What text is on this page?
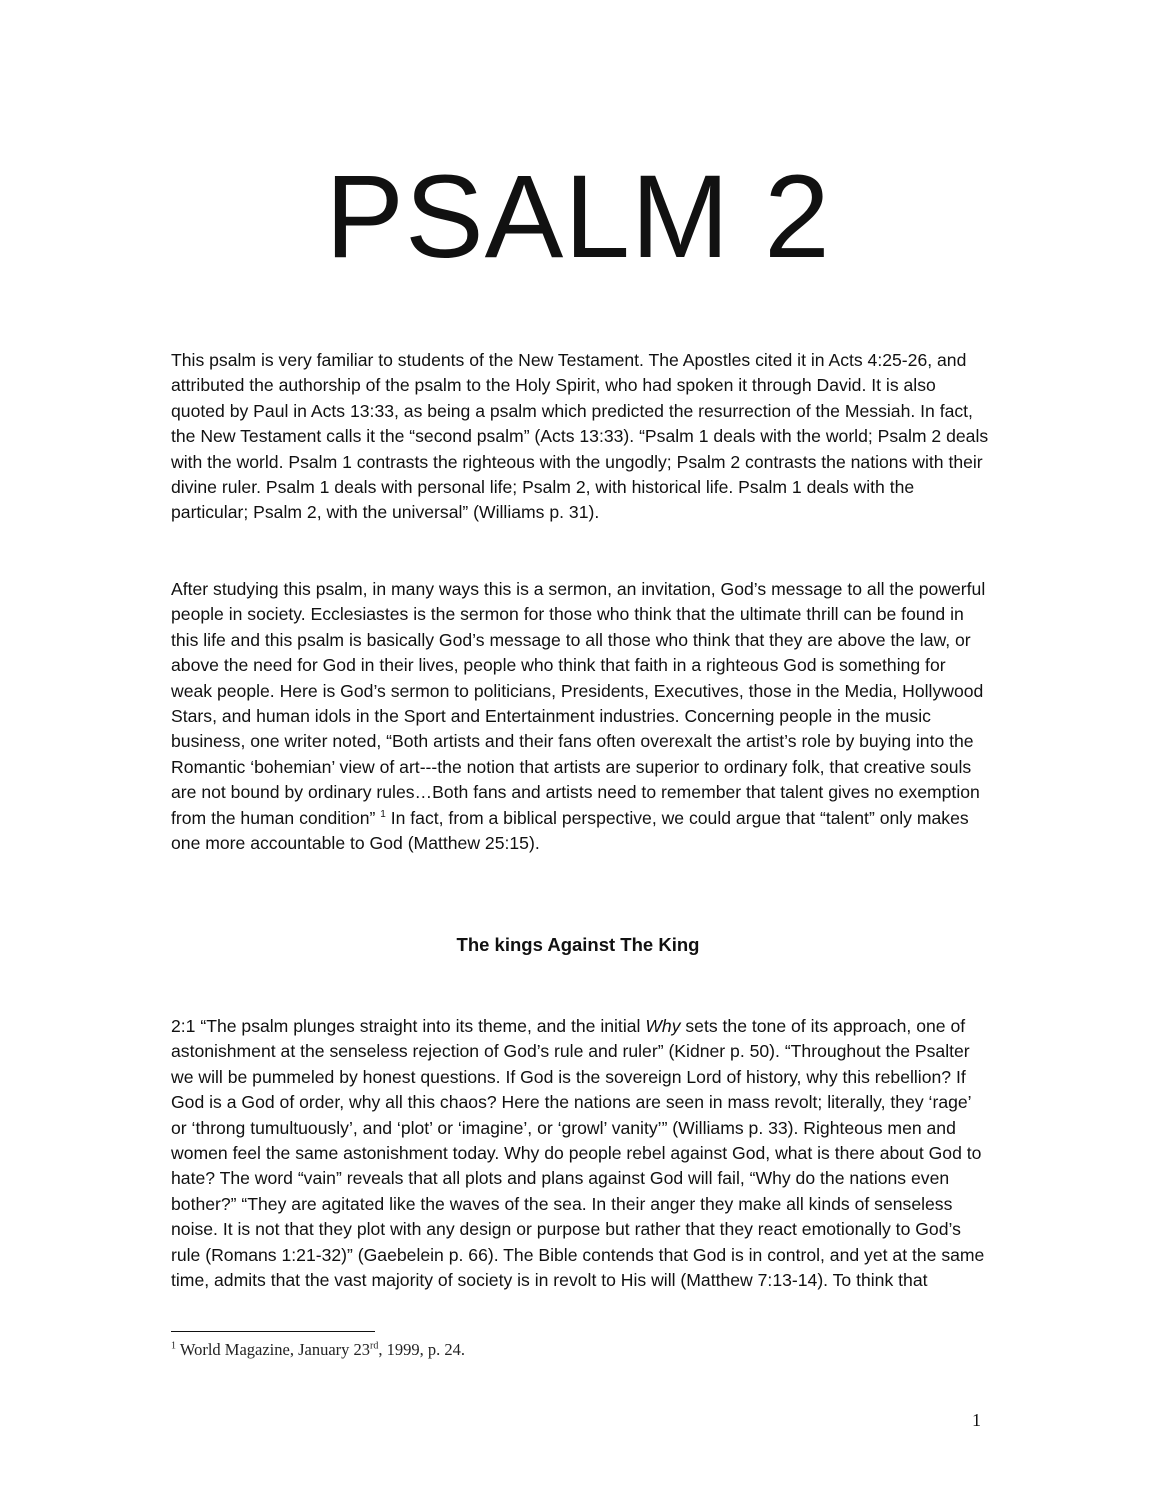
PSALM 2

This psalm is very familiar to students of the New Testament. The Apostles cited it in Acts 4:25-26, and attributed the authorship of the psalm to the Holy Spirit, who had spoken it through David. It is also quoted by Paul in Acts 13:33, as being a psalm which predicted the resurrection of the Messiah. In fact, the New Testament calls it the “second psalm” (Acts 13:33). “Psalm 1 deals with the world; Psalm 2 deals with the world. Psalm 1 contrasts the righteous with the ungodly; Psalm 2 contrasts the nations with their divine ruler. Psalm 1 deals with personal life; Psalm 2, with historical life. Psalm 1 deals with the particular; Psalm 2, with the universal” (Williams p. 31).

After studying this psalm, in many ways this is a sermon, an invitation, God’s message to all the powerful people in society. Ecclesiastes is the sermon for those who think that the ultimate thrill can be found in this life and this psalm is basically God’s message to all those who think that they are above the law, or above the need for God in their lives, people who think that faith in a righteous God is something for weak people. Here is God’s sermon to politicians, Presidents, Executives, those in the Media, Hollywood Stars, and human idols in the Sport and Entertainment industries. Concerning people in the music business, one writer noted, “Both artists and their fans often overexalt the artist’s role by buying into the Romantic ‘bohemian’ view of art---the notion that artists are superior to ordinary folk, that creative souls are not bound by ordinary rules…Both fans and artists need to remember that talent gives no exemption from the human condition” $^1$ In fact, from a biblical perspective, we could argue that “talent” only makes one more accountable to God (Matthew 25:15).

The kings Against The King

2:1 “The psalm plunges straight into its theme, and the initial Why sets the tone of its approach, one of astonishment at the senseless rejection of God’s rule and ruler” (Kidner p. 50). “Throughout the Psalter we will be pummeled by honest questions. If God is the sovereign Lord of history, why this rebellion? If God is a God of order, why all this chaos? Here the nations are seen in mass revolt; literally, they ‘rage’ or ‘throng tumultuously’, and ‘plot’ or ‘imagine’, or ‘growl’ vanity’” (Williams p. 33). Righteous men and women feel the same astonishment today. Why do people rebel against God, what is there about God to hate? The word “vain” reveals that all plots and plans against God will fail, “Why do the nations even bother?” “They are agitated like the waves of the sea. In their anger they make all kinds of senseless noise. It is not that they plot with any design or purpose but rather that they react emotionally to God’s rule (Romans 1:21-32)” (Gaebelein p. 66). The Bible contends that God is in control, and yet at the same time, admits that the vast majority of society is in revolt to His will (Matthew 7:13-14). To think that

$^1$ World Magazine, January 23rd, 1999, p. 24.

1
